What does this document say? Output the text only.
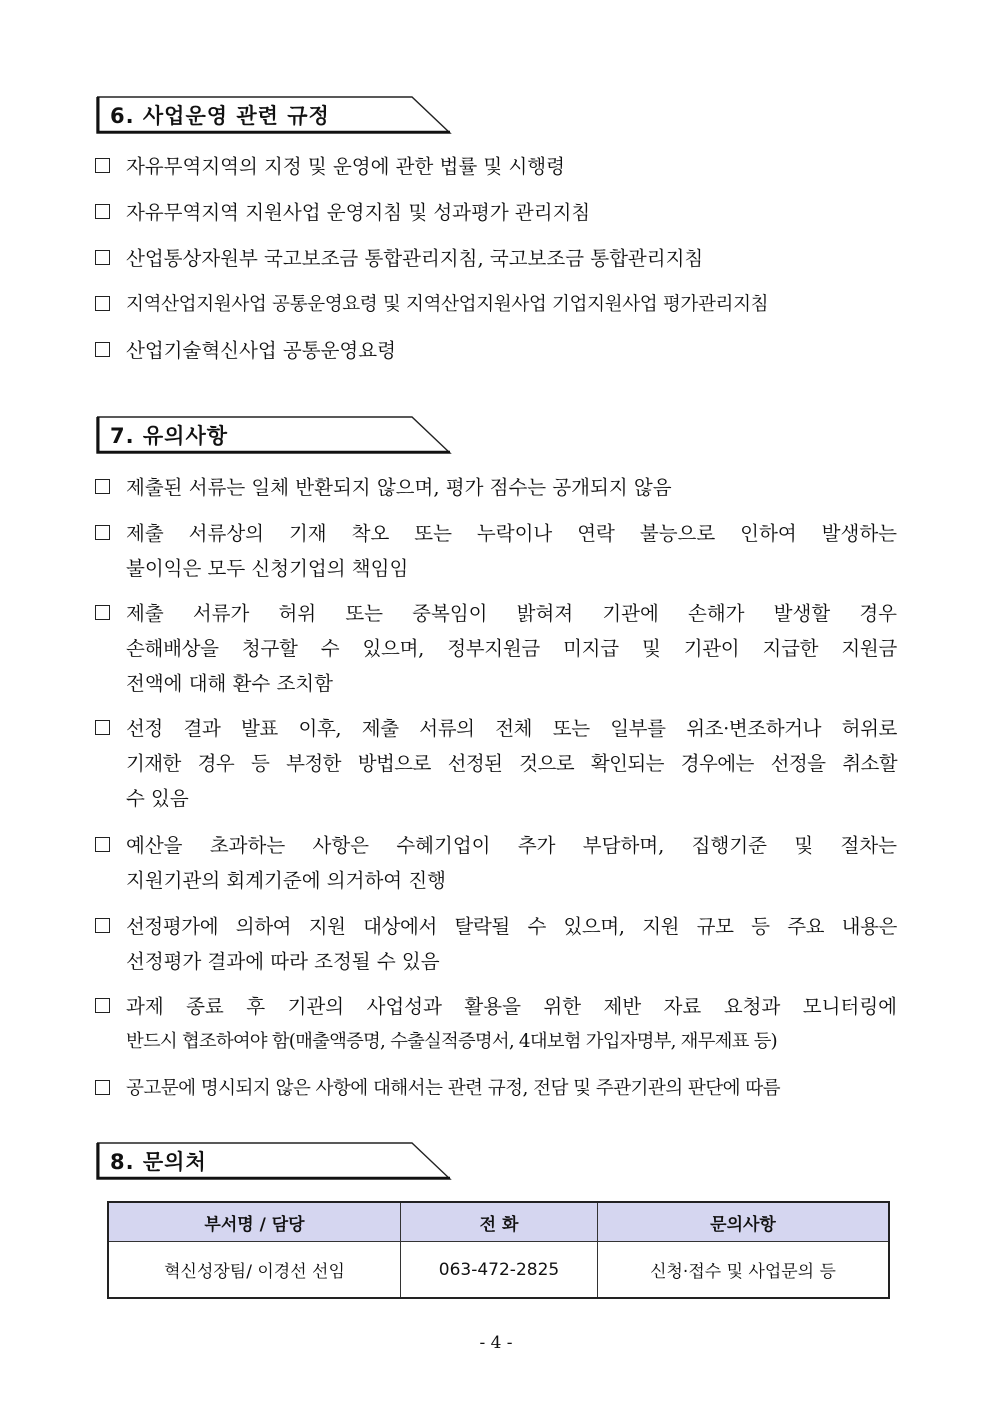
6. 사업운영 관련 규정
자유무역지역의 지정 및 운영에 관한 법률 및 시행령
자유무역지역 지원사업 운영지침 및 성과평가 관리지침
산업통상자원부 국고보조금 통합관리지침, 국고보조금 통합관리지침
지역산업지원사업 공통운영요령 및 지역산업지원사업 기업지원사업 평가관리지침
산업기술혁신사업 공통운영요령
7. 유의사항
제출된 서류는 일체 반환되지 않으며, 평가 점수는 공개되지 않음
제출 서류상의 기재 착오 또는 누락이나 연락 불능으로 인하여 발생하는
불이익은 모두 신청기업의 책임임
제출 서류가 허위 또는 중복임이 밝혀져 기관에 손해가 발생할 경우
손해배상을 청구할 수 있으며, 정부지원금 미지급 및 기관이 지급한 지원금
전액에 대해 환수 조치함
선정 결과 발표 이후, 제출 서류의 전체 또는 일부를 위조·변조하거나 허위로
기재한 경우 등 부정한 방법으로 선정된 것으로 확인되는 경우에는 선정을 취소할
수 있음
예산을 초과하는 사항은 수혜기업이 추가 부담하며, 집행기준 및 절차는
지원기관의 회계기준에 의거하여 진행
선정평가에 의하여 지원 대상에서 탈락될 수 있으며, 지원 규모 등 주요 내용은
선정평가 결과에 따라 조정될 수 있음
과제 종료 후 기관의 사업성과 활용을 위한 제반 자료 요청과 모니터링에
반드시 협조하여야 함(매출액증명, 수출실적증명서, 4대보험 가입자명부, 재무제표 등)
공고문에 명시되지 않은 사항에 대해서는 관련 규정, 전담 및 주관기관의 판단에 따름
8. 문의처
부서명 / 담당	전 화	문의사항
혁신성장팀/ 이경선 선임	063-472-2825	신청·접수 및 사업문의 등
- 4 -
